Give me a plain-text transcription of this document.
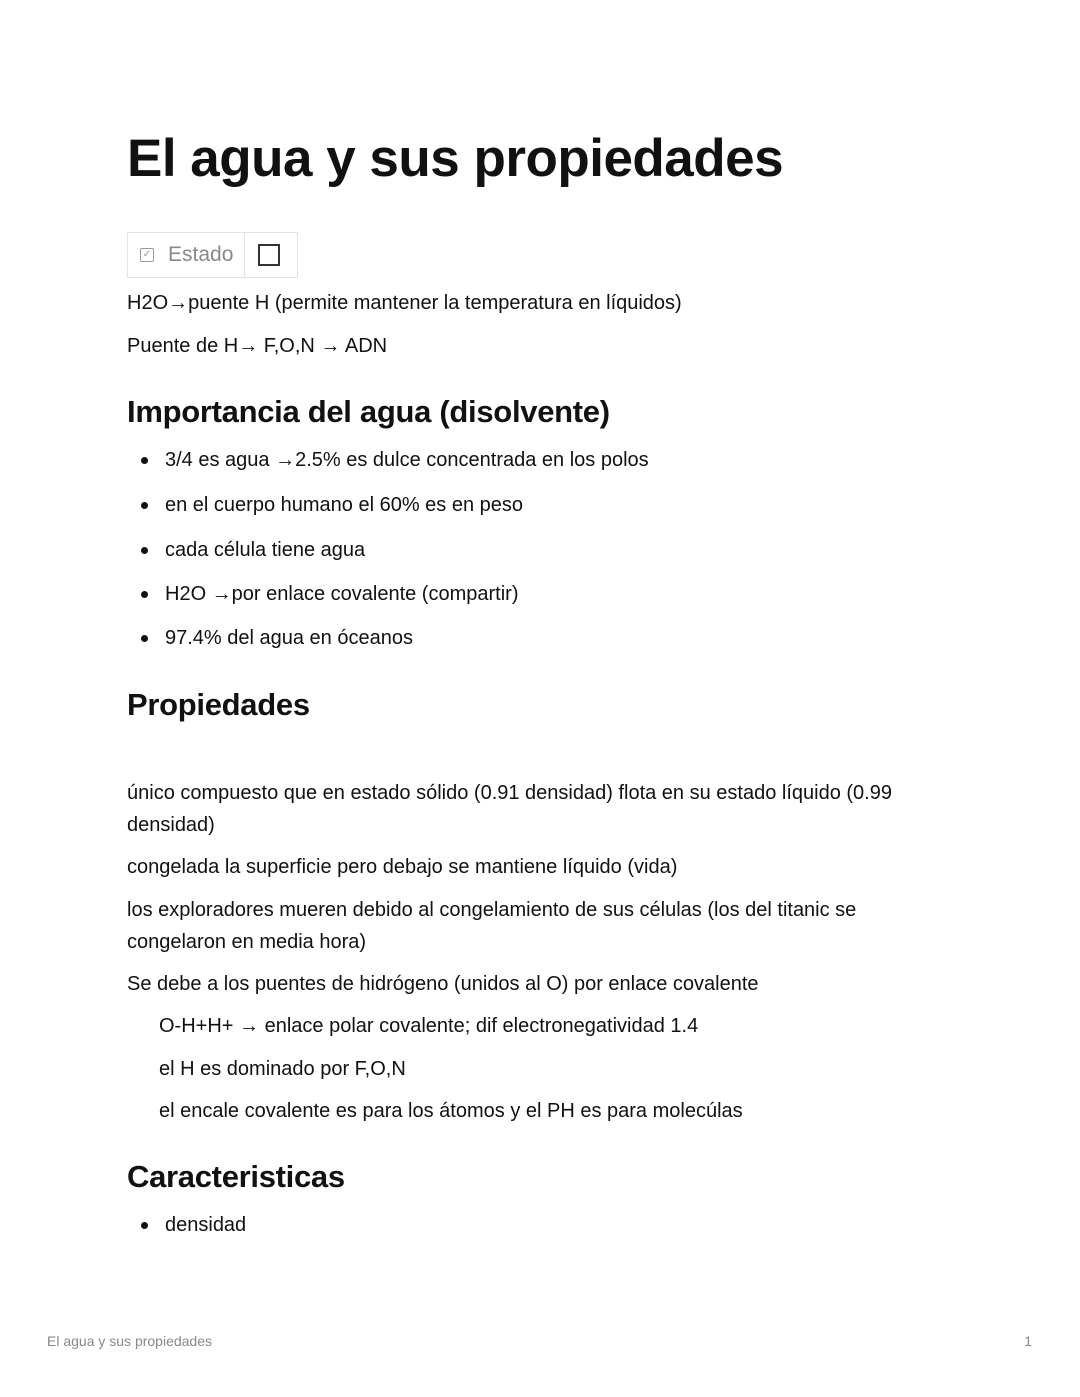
El agua y sus propiedades
✓ Estado
H2O→puente H (permite mantener la temperatura en líquidos)
Puente de H→ F,O,N → ADN
Importancia del agua (disolvente)
3/4 es agua →2.5% es dulce concentrada en los polos
en el cuerpo humano el 60% es en peso
cada célula tiene agua
H2O →por enlace covalente (compartir)
97.4% del agua en óceanos
Propiedades
único compuesto que en estado sólido (0.91 densidad) flota en su estado líquido (0.99 densidad)
congelada la superficie pero debajo se mantiene líquido (vida)
los exploradores mueren debido al congelamiento de sus células (los del titanic se congelaron en media hora)
Se debe a los puentes de hidrógeno (unidos al O) por enlace covalente
O-H+H+ → enlace polar covalente; dif electronegatividad 1.4
el H es dominado por F,O,N
el encale covalente es para los átomos y el PH es para molecúlas
Caracteristicas
densidad
El agua y sus propiedades	1
